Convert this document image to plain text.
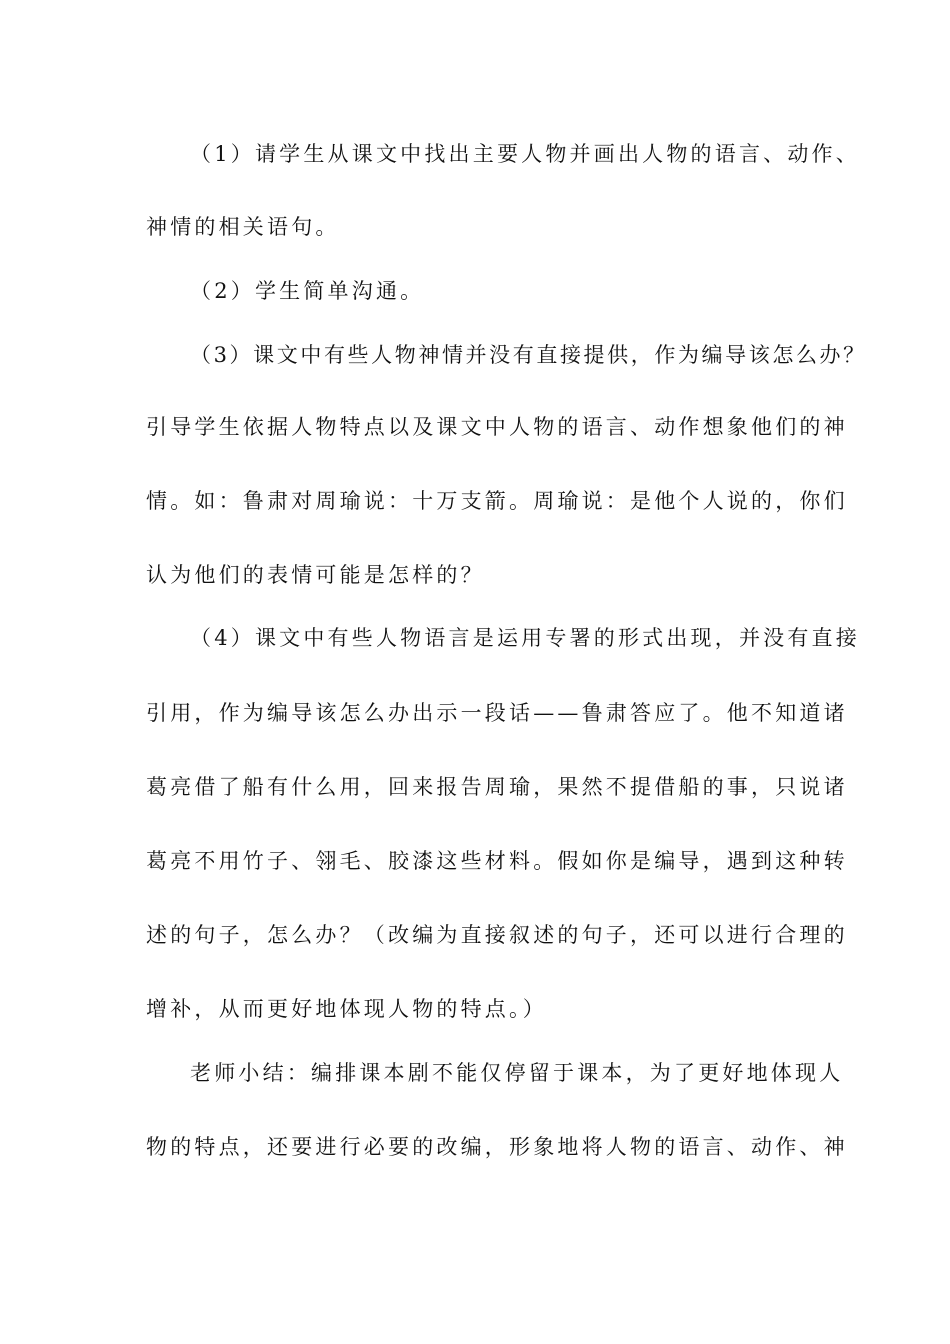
（1）请学生从课文中找出主要人物并画出人物的语言、动作、
神情的相关语句。
（2）学生简单沟通。
（3）课文中有些人物神情并没有直接提供，作为编导该怎么办？
引导学生依据人物特点以及课文中人物的语言、动作想象他们的神
情。如：鲁肃对周瑜说：十万支箭。周瑜说：是他个人说的，你们
认为他们的表情可能是怎样的？
（4）课文中有些人物语言是运用专署的形式出现，并没有直接
引用，作为编导该怎么办出示一段话——鲁肃答应了。他不知道诸
葛亮借了船有什么用，回来报告周瑜，果然不提借船的事，只说诸
葛亮不用竹子、翎毛、胶漆这些材料。假如你是编导，遇到这种转
述的句子，怎么办？（改编为直接叙述的句子，还可以进行合理的
增补，从而更好地体现人物的特点。）
老师小结：编排课本剧不能仅停留于课本，为了更好地体现人
物的特点，还要进行必要的改编，形象地将人物的语言、动作、神
